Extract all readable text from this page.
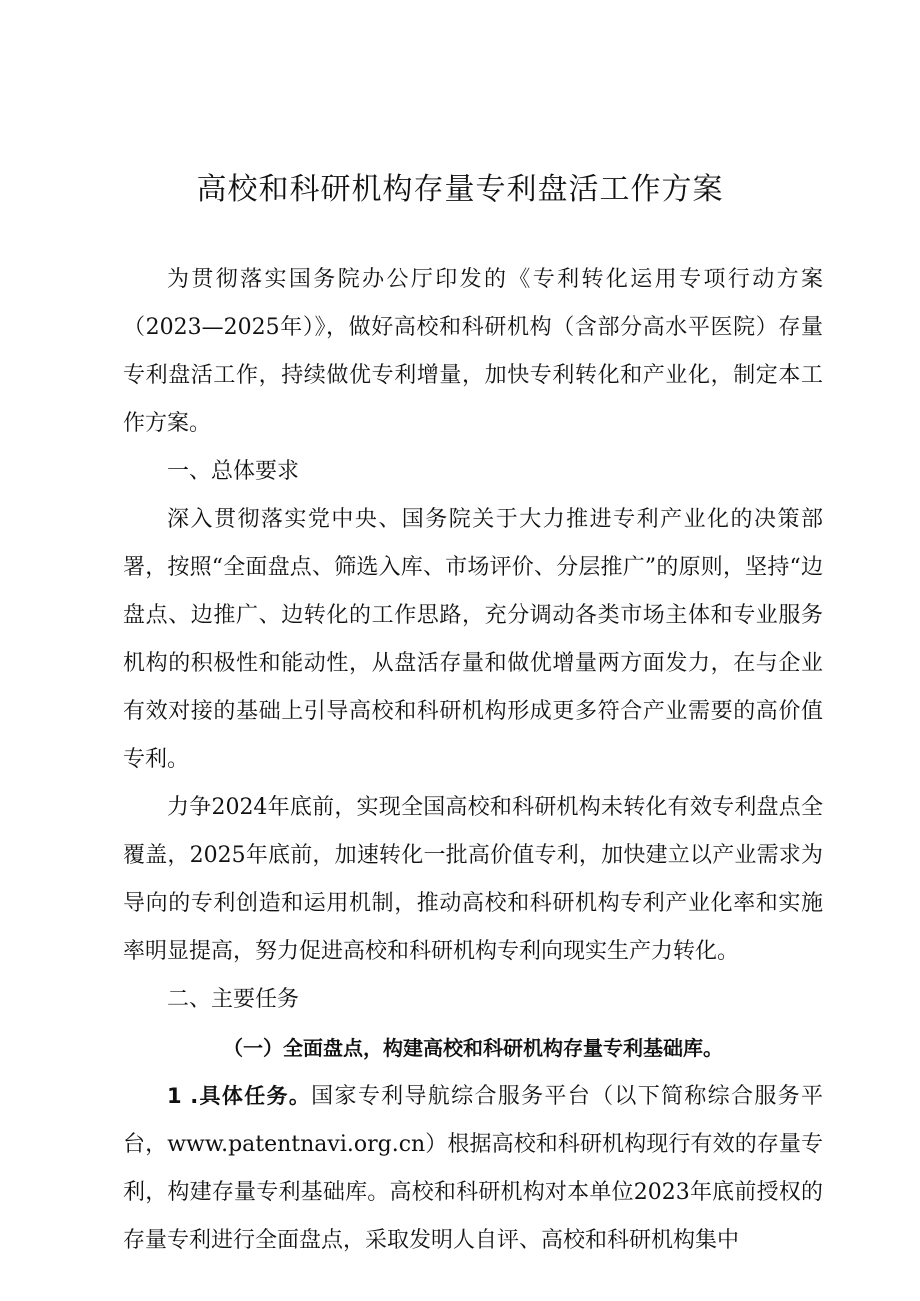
高校和科研机构存量专利盘活工作方案

为贯彻落实国务院办公厅印发的《专利转化运用专项行动方案（2023—2025年）》，做好高校和科研机构（含部分高水平医院）存量专利盘活工作，持续做优专利增量，加快专利转化和产业化，制定本工作方案。

一、总体要求

深入贯彻落实党中央、国务院关于大力推进专利产业化的决策部署，按照“全面盘点、筛选入库、市场评价、分层推广”的原则，坚持“边盘点、边推广、边转化的工作思路，充分调动各类市场主体和专业服务机构的积极性和能动性，从盘活存量和做优增量两方面发力，在与企业有效对接的基础上引导高校和科研机构形成更多符合产业需要的高价值专利。

力争2024年底前，实现全国高校和科研机构未转化有效专利盘点全覆盖，2025年底前，加速转化一批高价值专利，加快建立以产业需求为导向的专利创造和运用机制，推动高校和科研机构专利产业化率和实施率明显提高，努力促进高校和科研机构专利向现实生产力转化。

二、主要任务

（一）全面盘点，构建高校和科研机构存量专利基础库。

1 .具体任务。国家专利导航综合服务平台（以下简称综合服务平台，www.patentnavi.org.cn）根据高校和科研机构现行有效的存量专利，构建存量专利基础库。高校和科研机构对本单位2023年底前授权的存量专利进行全面盘点，采取发明人自评、高校和科研机构集中
